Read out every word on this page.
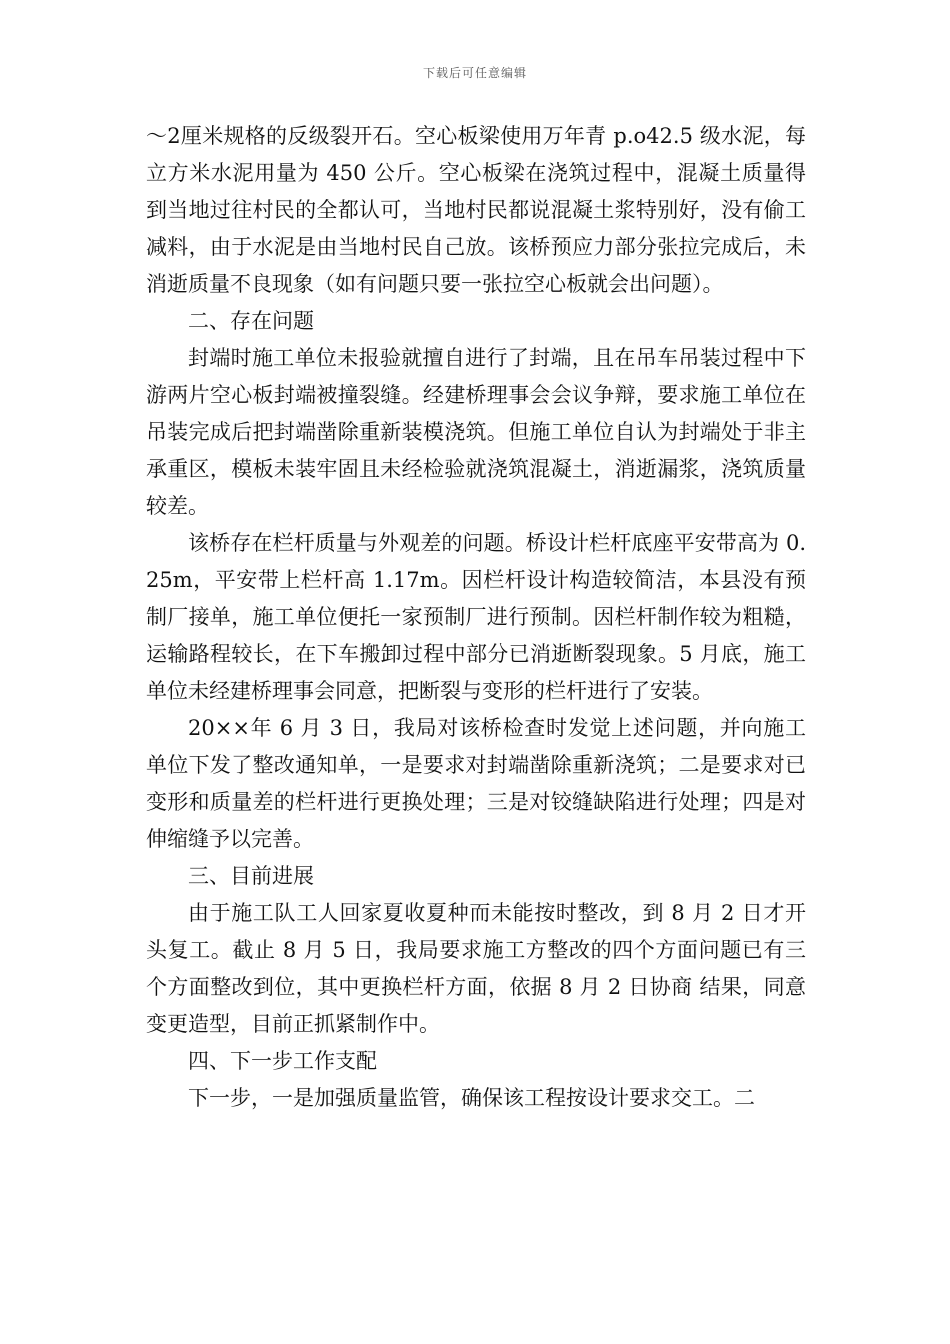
下载后可任意编辑

～2厘米规格的反级裂开石。空心板梁使用万年青 p.o42.5 级水泥，每立方米水泥用量为 450 公斤。空心板梁在浇筑过程中，混凝土质量得到当地过往村民的全都认可，当地村民都说混凝土浆特别好，没有偷工减料，由于水泥是由当地村民自己放。该桥预应力部分张拉完成后，未消逝质量不良现象（如有问题只要一张拉空心板就会出问题）。

二、存在问题

封端时施工单位未报验就擅自进行了封端，且在吊车吊装过程中下游两片空心板封端被撞裂缝。经建桥理事会会议争辩，要求施工单位在吊装完成后把封端凿除重新装模浇筑。但施工单位自认为封端处于非主承重区，模板未装牢固且未经检验就浇筑混凝土，消逝漏浆，浇筑质量较差。

该桥存在栏杆质量与外观差的问题。桥设计栏杆底座平安带高为 0.25m，平安带上栏杆高 1.17m。因栏杆设计构造较简洁，本县没有预制厂接单，施工单位便托一家预制厂进行预制。因栏杆制作较为粗糙，运输路程较长，在下车搬卸过程中部分已消逝断裂现象。5 月底，施工单位未经建桥理事会同意，把断裂与变形的栏杆进行了安装。

20××年 6 月 3 日，我局对该桥检查时发觉上述问题，并向施工单位下发了整改通知单，一是要求对封端凿除重新浇筑；二是要求对已变形和质量差的栏杆进行更换处理；三是对铰缝缺陷进行处理；四是对伸缩缝予以完善。

三、目前进展

由于施工队工人回家夏收夏种而未能按时整改，到 8 月 2 日才开头复工。截止 8 月 5 日，我局要求施工方整改的四个方面问题已有三个方面整改到位，其中更换栏杆方面，依据 8 月 2 日协商 结果，同意变更造型，目前正抓紧制作中。

四、下一步工作支配

下一步，一是加强质量监管，确保该工程按设计要求交工。二
